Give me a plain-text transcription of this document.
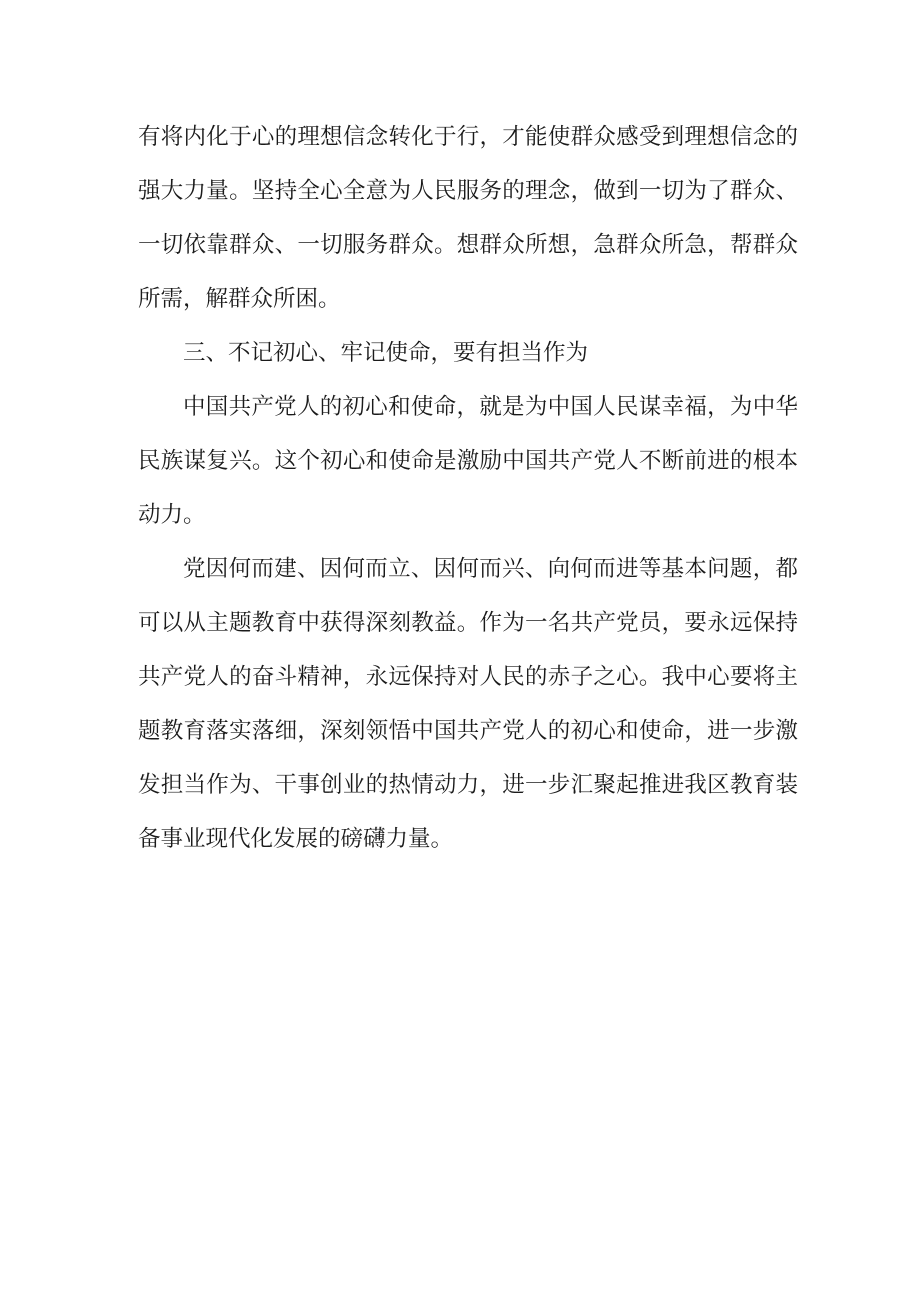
有将内化于心的理想信念转化于行，才能使群众感受到理想信念的强大力量。坚持全心全意为人民服务的理念，做到一切为了群众、一切依靠群众、一切服务群众。想群众所想，急群众所急，帮群众所需，解群众所困。

三、不记初心、牢记使命，要有担当作为

中国共产党人的初心和使命，就是为中国人民谋幸福，为中华民族谋复兴。这个初心和使命是激励中国共产党人不断前进的根本动力。

党因何而建、因何而立、因何而兴、向何而进等基本问题，都可以从主题教育中获得深刻教益。作为一名共产党员，要永远保持共产党人的奋斗精神，永远保持对人民的赤子之心。我中心要将主题教育落实落细，深刻领悟中国共产党人的初心和使命，进一步激发担当作为、干事创业的热情动力，进一步汇聚起推进我区教育装备事业现代化发展的磅礴力量。
